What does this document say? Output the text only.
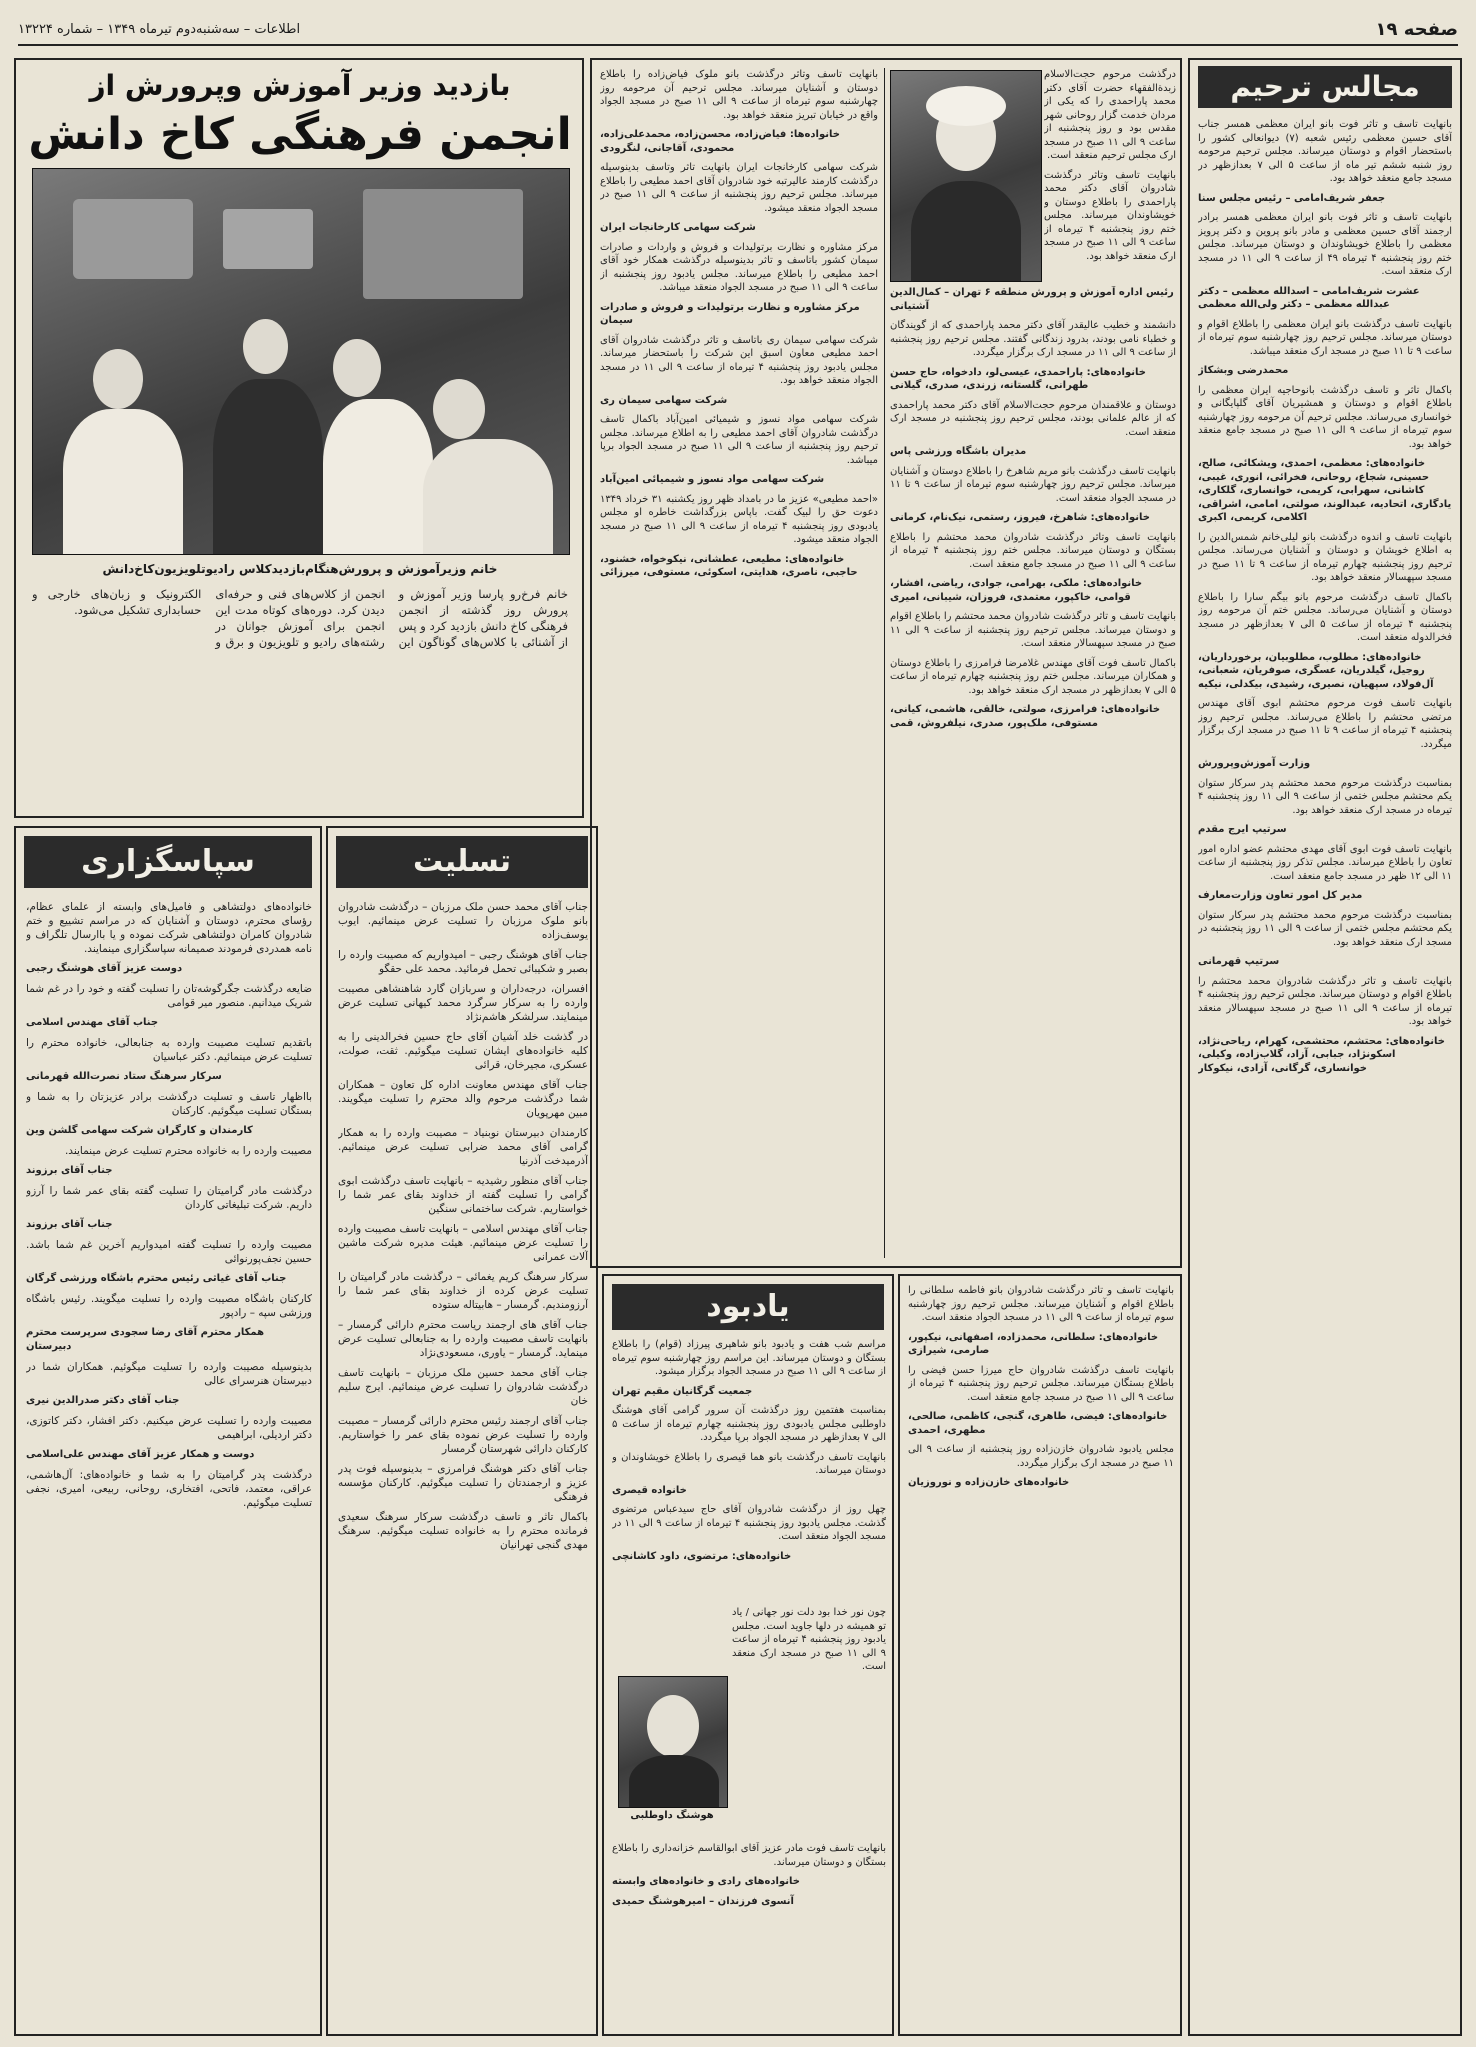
صفحه ۱۹
اطلاعات – سه‌شنبه‌دوم تیرماه ۱۳۴۹ – شماره ۱۳۲۲۴
مجالس ترحیم

بانهایت تاسف و تاثر فوت بانو ایران معظمی همسر جناب آقای حسین معظمی رئیس شعبه (۷) دیوانعالی کشور را باستحضار اقوام و دوستان میرساند. مجلس ترحیم مرحومه روز شنبه ششم تیر ماه از ساعت ۵ الی ۷ بعدازظهر در مسجد جامع منعقد خواهد بود.

جعفر شریف‌امامی – رئیس مجلس سنا

بانهایت تاسف و تاثر فوت بانو ایران معظمی همسر برادر ارجمند آقای حسین معظمی و مادر بانو پروین و دکتر پرویز معظمی را باطلاع خویشاوندان و دوستان میرساند. مجلس ختم روز پنجشنبه ۴ تیرماه ۴۹ از ساعت ۹ الی ۱۱ در مسجد ارک منعقد است.

عشرت شریف‌امامی – اسدالله معظمی – دکتر عبدالله معظمی – دکتر ولی‌الله معظمی

بانهایت تاسف درگذشت بانو ایران معظمی را باطلاع اقوام و دوستان میرساند. مجلس ترحیم روز چهارشنبه سوم تیرماه از ساعت ۹ تا ۱۱ صبح در مسجد ارک منعقد میباشد.

محمدرضی وبشکاژ

باکمال تاثر و تاسف درگذشت بانوحاجیه ایران معظمی را باطلاع اقوام و دوستان و همشیریان آقای گلپایگانی و خوانساری می‌رساند. مجلس ترحیم آن مرحومه روز چهارشنبه سوم تیرماه از ساعت ۹ الی ۱۱ صبح در مسجد جامع منعقد خواهد بود.

خانواده‌های: معظمی، احمدی، ویشکائی، صالح، حسینی، شجاع، روحانی، فخرائی، انوری، غیبی، کاشانی، سهرابی، کریمی، خوانساری، گلکاری، یادگاری، اتحادیه، عبدالوند، صولتی، امامی، اشراقی، اکلامی، کریمی، اکبری

بانهایت تاسف و اندوه درگذشت بانو لیلی‌خانم شمس‌الدین را به اطلاع خویشان و دوستان و آشنایان می‌رساند. مجلس ترحیم روز پنجشنبه چهارم تیرماه از ساعت ۹ تا ۱۱ صبح در مسجد سپهسالار منعقد خواهد بود.

باکمال تاسف درگذشت مرحوم بانو بیگم سارا را باطلاع دوستان و آشنایان می‌رساند. مجلس ختم آن مرحومه روز پنجشنبه ۴ تیرماه از ساعت ۵ الی ۷ بعدازظهر در مسجد فخرالدوله منعقد است.

خانواده‌های: مطلوب، مطلوبیان، برخورداریان، روجیل، گیلدریان، عسگری، صوفریان، شعبانی، آل‌فولاد، سپهیان، نصیری، رشیدی، بیکدلی، نیکیه

بانهایت تاسف فوت مرحوم محتشم ابوی آقای مهندس مرتضی محتشم را باطلاع می‌رساند. مجلس ترحیم روز پنجشنبه ۴ تیرماه از ساعت ۹ تا ۱۱ صبح در مسجد ارک برگزار میگردد.

وزارت آموزش‌وپرورش

بمناسبت درگذشت مرحوم محمد محتشم پدر سرکار ستوان یکم محتشم مجلس ختمی از ساعت ۹ الی ۱۱ روز پنجشنبه ۴ تیرماه در مسجد ارک منعقد خواهد بود.

سرتیپ ایرج مقدم

بانهایت تاسف فوت ابوی آقای مهدی محتشم عضو اداره امور تعاون را باطلاع میرساند. مجلس تذکر روز پنجشنبه از ساعت ۱۱ الی ۱۲ ظهر در مسجد جامع منعقد است.

مدیر کل امور تعاون وزارت‌معارف

بمناسبت درگذشت مرحوم محمد محتشم پدر سرکار ستوان یکم محتشم مجلس ختمی از ساعت ۹ الی ۱۱ روز پنجشنبه در مسجد ارک منعقد خواهد بود.

سرتیپ قهرمانی

بانهایت تاسف و تاثر درگذشت شادروان محمد محتشم را باطلاع اقوام و دوستان میرساند. مجلس ترحیم روز پنجشنبه ۴ تیرماه از ساعت ۹ الی ۱۱ صبح در مسجد سپهسالار منعقد خواهد بود.

خانواده‌های: محتشم، محتشمی، کهرام، ریاحی‌نژاد، اسکونژاد، جبابی، آزاد، گلاب‌زاده، وکیلی، خوانساری، گرگانی، آزادی، نیکوکار

درگذشت مرحوم حجت‌الاسلام زبدةالفقهاء حضرت آقای دکتر محمد پاراحمدی را که یکی از مردان خدمت گزار روحانی شهر مقدس بود و روز پنجشنبه از ساعت ۹ الی ۱۱ صبح در مسجد ارک مجلس ترحیم منعقد است.

بانهایت تاسف وتاثر درگذشت شادروان آقای دکتر محمد پاراحمدی را باطلاع دوستان و خویشاوندان میرساند. مجلس ختم روز پنجشنبه ۴ تیرماه از ساعت ۹ الی ۱۱ صبح در مسجد ارک منعقد خواهد بود.

رئیس اداره آموزش و پرورش منطقه ۶ تهران – کمال‌الدین آشتیانی

دانشمند و خطیب عالیقدر آقای دکتر محمد پاراحمدی که از گویندگان و خطباء نامی بودند، بدرود زندگانی گفتند. مجلس ترحیم روز پنجشنبه از ساعت ۹ الی ۱۱ در مسجد ارک برگزار میگردد.

خانواده‌های: پاراحمدی، عیسی‌لو، دادخواه، حاج حسن طهرانی، گلستانه، زرندی، صدری، گیلانی

دوستان و علاقمندان مرحوم حجت‌الاسلام آقای دکتر محمد پاراحمدی که از عالم علمانی بودند، مجلس ترحیم روز پنجشنبه در مسجد ارک منعقد است.

مدیران باشگاه ورزشی پاس

بانهایت تاسف درگذشت بانو مریم شاهرخ را باطلاع دوستان و آشنایان میرساند. مجلس ترحیم روز چهارشنبه سوم تیرماه از ساعت ۹ تا ۱۱ در مسجد الجواد منعقد است.

خانواده‌های: شاهرخ، فیروز، رستمی، نیک‌نام، کرمانی

بانهایت تاسف وتاثر درگذشت شادروان محمد محتشم را باطلاع بستگان و دوستان میرساند. مجلس ختم روز پنجشنبه ۴ تیرماه از ساعت ۹ الی ۱۱ صبح در مسجد جامع منعقد است.

خانواده‌های: ملکی، بهرامی، جوادی، ریاضی، افشار، قوامی، خاکپور، معتمدی، فروزان، شیبانی، امیری

بانهایت تاسف و تاثر درگذشت شادروان محمد محتشم را باطلاع اقوام و دوستان میرساند. مجلس ترحیم روز پنجشنبه از ساعت ۹ الی ۱۱ صبح در مسجد سپهسالار منعقد است.

باکمال تاسف فوت آقای مهندس غلامرضا فرامرزی را باطلاع دوستان و همکاران میرساند. مجلس ختم روز پنجشنبه چهارم تیرماه از ساعت ۵ الی ۷ بعدازظهر در مسجد ارک منعقد خواهد بود.

خانواده‌های: فرامرزی، صولتی، خالقی، هاشمی، کیانی، مستوفی، ملک‌پور، صدری، نیلفروش، قمی

بانهایت تاسف وتاثر درگذشت بانو ملوک فیاض‌زاده را باطلاع دوستان و آشنایان میرساند. مجلس ترحیم آن مرحومه روز چهارشنبه سوم تیرماه از ساعت ۹ الی ۱۱ صبح در مسجد الجواد واقع در خیابان تبریز منعقد خواهد بود.

خانواده‌ها: فیاض‌زاده، محسن‌زاده، محمدعلی‌زاده، محمودی، آقاجانی، لنگرودی

شرکت سهامی کارخانجات ایران بانهایت تاثر وتاسف بدینوسیله درگذشت کارمند عالیرتبه خود شادروان آقای احمد مطیعی را باطلاع میرساند. مجلس ترحیم روز پنجشنبه از ساعت ۹ الی ۱۱ صبح در مسجد الجواد منعقد میشود.

شرکت سهامی کارخانجات ایران

مرکز مشاوره و نظارت برتولیدات و فروش و واردات و صادرات سیمان کشور باتاسف و تاثر بدینوسیله درگذشت همکار خود آقای احمد مطیعی را باطلاع میرساند. مجلس یادبود روز پنجشنبه از ساعت ۹ الی ۱۱ صبح در مسجد الجواد منعقد میباشد.

مرکز مشاوره و نظارت برتولیدات و فروش و صادرات سیمان

شرکت سهامی سیمان ری باتاسف و تاثر درگذشت شادروان آقای احمد مطیعی معاون اسبق این شرکت را باستحضار میرساند. مجلس یادبود روز پنجشنبه ۴ تیرماه از ساعت ۹ الی ۱۱ در مسجد الجواد منعقد خواهد بود.

شرکت سهامی سیمان ری

شرکت سهامی مواد نسوز و شیمیائی امین‌آباد باکمال تاسف درگذشت شادروان آقای احمد مطیعی را به اطلاع میرساند. مجلس ترحیم روز پنجشنبه از ساعت ۹ الی ۱۱ صبح در مسجد الجواد برپا میباشد.

شرکت سهامی مواد نسوز و شیمیائی امین‌آباد

«احمد مطیعی» عزیز ما در بامداد ظهر روز یکشنبه ۳۱ خرداد ۱۳۴۹ دعوت حق را لبیک گفت. باپاس بزرگداشت خاطره او مجلس یادبودی روز پنجشنبه ۴ تیرماه از ساعت ۹ الی ۱۱ صبح در مسجد الجواد منعقد میشود.

خانواده‌های: مطیعی، عطشانی، نیکوخواه، خشنود، حاجبی، ناصری، هدایتی، اسکوئی، مستوفی، میرزائی

بازدید وزیر آموزش وپرورش از
انجمن فرهنگی کاخ دانش
خانم وزیرآموزش و پرورش‌هنگام‌بازدید‌کلاس رادیوتلویزیون‌کاخ‌دانش

خانم فرخ‌رو پارسا وزیر آموزش و پرورش روز گذشته از انجمن فرهنگی کاخ دانش بازدید کرد و پس از آشنائی با کلاس‌های گوناگون این انجمن از کلاس‌های فنی و حرفه‌ای دیدن کرد. دوره‌های کوتاه مدت این انجمن برای آموزش جوانان در رشته‌های رادیو و تلویزیون و برق و الکترونیک و زبان‌های خارجی و حسابداری تشکیل می‌شود.

سپاسگزاری

خانواده‌های دولتشاهی و فامیل‌های وابسته از علمای عظام، رؤسای محترم، دوستان و آشنایان که در مراسم تشییع و ختم شادروان کامران دولتشاهی شرکت نموده و یا باارسال تلگراف و نامه همدردی فرمودند صمیمانه سپاسگزاری مینمایند.

دوست عزیز آقای هوشنگ رجبی

ضایعه درگذشت جگرگوشه‌تان را تسلیت گفته و خود را در غم شما شریک میدانیم. منصور میر قوامی

جناب آقای مهندس اسلامی

باتقدیم تسلیت مصیبت وارده به جنابعالی، خانواده محترم را تسلیت عرض مینمائیم. دکتر عباسیان

سرکار سرهنگ ستاد نصرت‌الله قهرمانی

بااظهار تاسف و تسلیت درگذشت برادر عزیزتان را به شما و بستگان تسلیت میگوئیم. کارکنان

کارمندان و کارگران شرکت سهامی گلشن وین

مصیبت وارده را به خانواده محترم تسلیت عرض مینمایند.

جناب آقای برزوند

درگذشت مادر گرامیتان را تسلیت گفته بقای عمر شما را آرزو داریم. شرکت تبلیغاتی کاردان

جناب آقای برزوند

مصیبت وارده را تسلیت گفته امیدواریم آخرین غم شما باشد. حسین نجف‌پورنوائی

جناب آقای غیاثی رئیس محترم باشگاه ورزشی گرگان

کارکنان باشگاه مصیبت وارده را تسلیت میگویند. رئیس باشگاه ورزشی سپه – رادپور

همکار محترم آقای رضا سجودی سرپرست محترم دبیرستان

بدینوسیله مصیبت وارده را تسلیت میگوئیم. همکاران شما در دبیرستان هنرسرای عالی

جناب آقای دکتر صدرالدین نیری

مصیبت وارده را تسلیت عرض میکنیم. دکتر افشار، دکتر کاتوزی، دکتر اردیلی، ابراهیمی

دوست و همکار عزیز آقای مهندس علی‌اسلامی

درگذشت پدر گرامیتان را به شما و خانواده‌های: آل‌هاشمی، عراقی، معتمد، فاتحی، افتخاری، روحانی، ربیعی، امیری، نجفی تسلیت میگوئیم.

تسلیت

جناب آقای محمد حسن ملک مرزبان – درگذشت شادروان بانو ملوک مرزبان را تسلیت عرض مینمائیم. ایوب یوسف‌زاده

جناب آقای هوشنگ رجبی – امیدواریم که مصیبت وارده را بصبر و شکیبائی تحمل فرمائید. محمد علی حقگو

افسران، درجه‌داران و سربازان گارد شاهنشاهی مصیبت وارده را به سرکار سرگرد محمد کیهانی تسلیت عرض مینمایند. سرلشکر هاشم‌نژاد

در گذشت خلد آشیان آقای حاج حسین فخرالدینی را به کلیه خانواده‌های ایشان تسلیت میگوئیم. ثقت، صولت، عسکری، مجیرخان، قرائی

جناب آقای مهندس معاونت اداره کل تعاون – همکاران شما درگذشت مرحوم والد محترم را تسلیت میگویند. مبین مهرپویان

کارمندان دبیرستان نوبنیاد – مصیبت وارده را به همکار گرامی آقای محمد ضرابی تسلیت عرض مینمائیم. آذرمیدخت آذرنیا

جناب آقای منظور رشیدیه – بانهایت تاسف درگذشت ابوی گرامی را تسلیت گفته از خداوند بقای عمر شما را خواستاریم. شرکت ساختمانی سنگین

جناب آقای مهندس اسلامی – بانهایت تاسف مصیبت وارده را تسلیت عرض مینمائیم. هیئت مدیره شرکت ماشین آلات عمرانی

سرکار سرهنگ کریم یغمائی – درگذشت مادر گرامیتان را تسلیت عرض کرده از خداوند بقای عمر شما را آرزومندیم. گرمسار – هابیتاله ستوده

جناب آقای های ارجمند ریاست محترم دارائی گرمسار – بانهایت تاسف مصیبت وارده را به جنابعالی تسلیت عرض مینماید. گرمسار – یاوری، مسعودی‌نژاد

جناب آقای محمد حسین ملک مرزبان – بانهایت تاسف درگذشت شادروان را تسلیت عرض مینمائیم. ایرج سلیم خان

جناب آقای ارجمند رئیس محترم دارائی گرمسار – مصیبت وارده را تسلیت عرض نموده بقای عمر را خواستاریم. کارکنان دارائی شهرستان گرمسار

جناب آقای دکتر هوشنگ فرامرزی – بدینوسیله فوت پدر عزیز و ارجمندتان را تسلیت میگوئیم. کارکنان مؤسسه فرهنگی

باکمال تاثر و تاسف درگذشت سرکار سرهنگ سعیدی فرمانده محترم را به خانواده تسلیت میگوئیم. سرهنگ مهدی گنجی تهرانیان

یادبود

مراسم شب هفت و یادبود بانو شاهپری پیرزاد (قوام) را باطلاع بستگان و دوستان میرساند. این مراسم روز چهارشنبه سوم تیرماه از ساعت ۹ الی ۱۱ صبح در مسجد الجواد برگزار میشود.

جمعیت گرگانیان مقیم تهران

بمناسبت هفتمین روز درگذشت آن سرور گرامی آقای هوشنگ داوطلبی مجلس یادبودی روز پنجشنبه چهارم تیرماه از ساعت ۵ الی ۷ بعدازظهر در مسجد الجواد برپا میگردد.

بانهایت تاسف درگذشت بانو هما قیصری را باطلاع خویشاوندان و دوستان میرساند.

خانواده قیصری

چهل روز از درگذشت شادروان آقای حاج سیدعباس مرتضوی گذشت. مجلس یادبود روز پنجشنبه ۴ تیرماه از ساعت ۹ الی ۱۱ در مسجد الجواد منعقد است.

خانواده‌های: مرتضوی، داود کاشانچی

هوشنگ داوطلبی

چون نور خدا بود دلت نور جهانی / یاد تو همیشه در دلها جاوید است. مجلس یادبود روز پنجشنبه ۴ تیرماه از ساعت ۹ الی ۱۱ صبح در مسجد ارک منعقد است.

بانهایت تاسف فوت مادر عزیز آقای ابوالقاسم خزانه‌داری را باطلاع بستگان و دوستان میرساند.

خانواده‌های رادی و خانواده‌های وابسته

آنسوی فرزندان – امیرهوشنگ حمیدی

بانهایت تاسف و تاثر درگذشت شادروان بانو فاطمه سلطانی را باطلاع اقوام و آشنایان میرساند. مجلس ترحیم روز چهارشنبه سوم تیرماه از ساعت ۹ الی ۱۱ در مسجد الجواد منعقد است.

خانواده‌های: سلطانی، محمدزاده، اصفهانی، نیکپور، صارمی، شیرازی

بانهایت تاسف درگذشت شادروان حاج میرزا حسن فیضی را باطلاع بستگان میرساند. مجلس ترحیم روز پنجشنبه ۴ تیرماه از ساعت ۹ الی ۱۱ صبح در مسجد جامع منعقد است.

خانواده‌های: فیضی، طاهری، گنجی، کاظمی، صالحی، مطهری، احمدی

مجلس یادبود شادروان خازن‌زاده روز پنجشنبه از ساعت ۹ الی ۱۱ صبح در مسجد ارک برگزار میگردد.

خانواده‌های خازن‌زاده و نوروزیان
